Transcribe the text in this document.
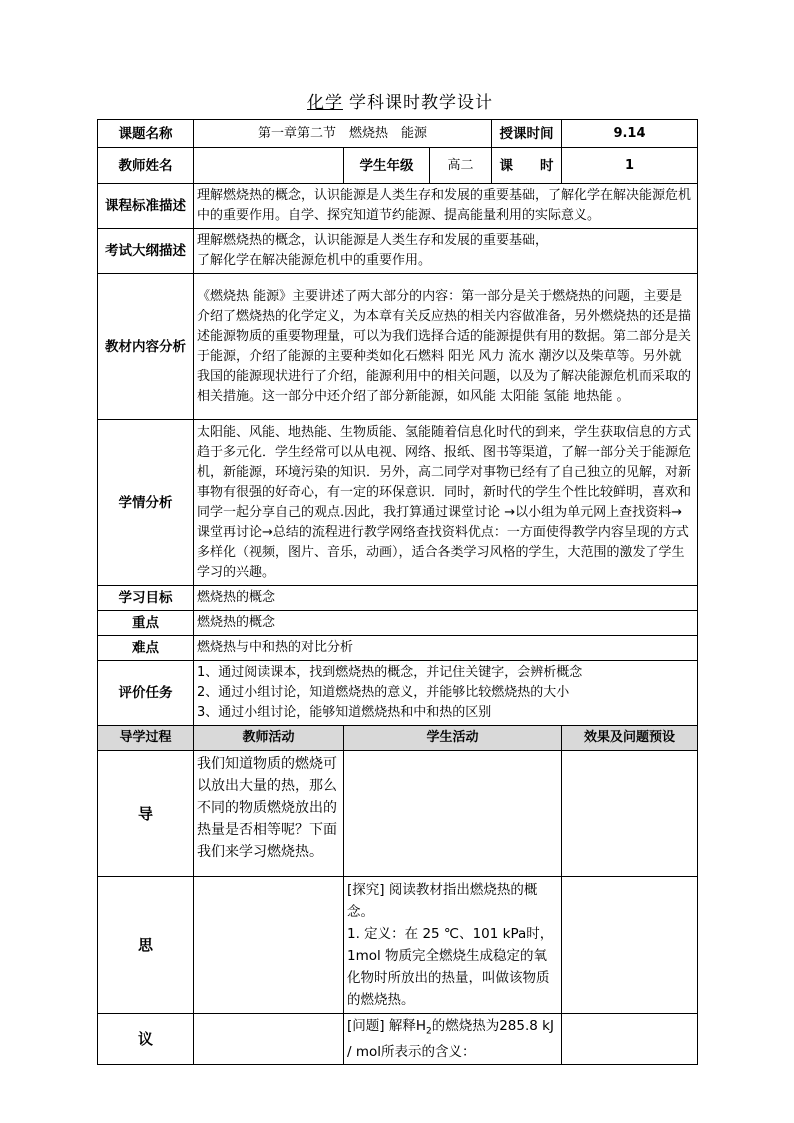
化学 学科课时教学设计
课题名称	第一章第二节　燃烧热　能源			授课时间	9.14
教师姓名		学生年级	高二	课　　时	1
课程标准描述	理解燃烧热的概念，认识能源是人类生存和发展的重要基础，了解化学在解决能源危机中的重要作用。自学、探究知道节约能源、提高能量利用的实际意义。				
考试大纲描述	理解燃烧热的概念，认识能源是人类生存和发展的重要基础，
了解化学在解决能源危机中的重要作用。				

教材内容分析	《燃烧热 能源》主要讲述了两大部分的内容：第一部分是关于燃烧热的问题，主要是介绍了燃烧热的化学定义，为本章有关反应热的相关内容做准备，另外燃烧热的还是描述能源物质的重要物理量，可以为我们选择合适的能源提供有用的数据。第二部分是关于能源，介绍了能源的主要种类如化石燃料 阳光 风力 流水 潮汐以及柴草等。另外就我国的能源现状进行了介绍，能源利用中的相关问题，以及为了解决能源危机而采取的相关措施。这一部分中还介绍了部分新能源，如风能 太阳能 氢能 地热能 。				
学情分析	太阳能、风能、地热能、生物质能、氢能随着信息化时代的到来，学生获取信息的方式趋于多元化．学生经常可以从电视、网络、报纸、图书等渠道，了解一部分关于能源危机，新能源，环境污染的知识．另外，高二同学对事物已经有了自己独立的见解，对新事物有很强的好奇心，有一定的环保意识．同时，新时代的学生个性比较鲜明，喜欢和同学一起分享自己的观点.因此，我打算通过课堂讨论 →以小组为单元网上查找资料→课堂再讨论→总结的流程进行教学网络查找资料优点：一方面使得教学内容呈现的方式多样化（视频，图片、音乐，动画），适合各类学习风格的学生，大范围的激发了学生学习的兴趣。				
学习目标	燃烧热的概念				
重点	燃烧热的概念				
难点	燃烧热与中和热的对比分析				
评价任务	1、通过阅读课本，找到燃烧热的概念，并记住关键字，会辨析概念
2、通过小组讨论，知道燃烧热的意义，并能够比较燃烧热的大小
3、通过小组讨论，能够知道燃烧热和中和热的区别				

导学过程	教师活动	学生活动			效果及问题预设
导	我们知道物质的燃烧可以放出大量的热，那么不同的物质燃烧放出的热量是否相等呢？下面我们来学习燃烧热。				
思		[探究] 阅读教材指出燃烧热的概念。
1. 定义：在 25 ℃、101 kPa时，1mol 物质完全燃烧生成稳定的氧化物时所放出的热量，叫做该物质的燃烧热。			

议		[问题] 解释$H_2$的燃烧热为285.8 kJ / mol所表示的含义：			
